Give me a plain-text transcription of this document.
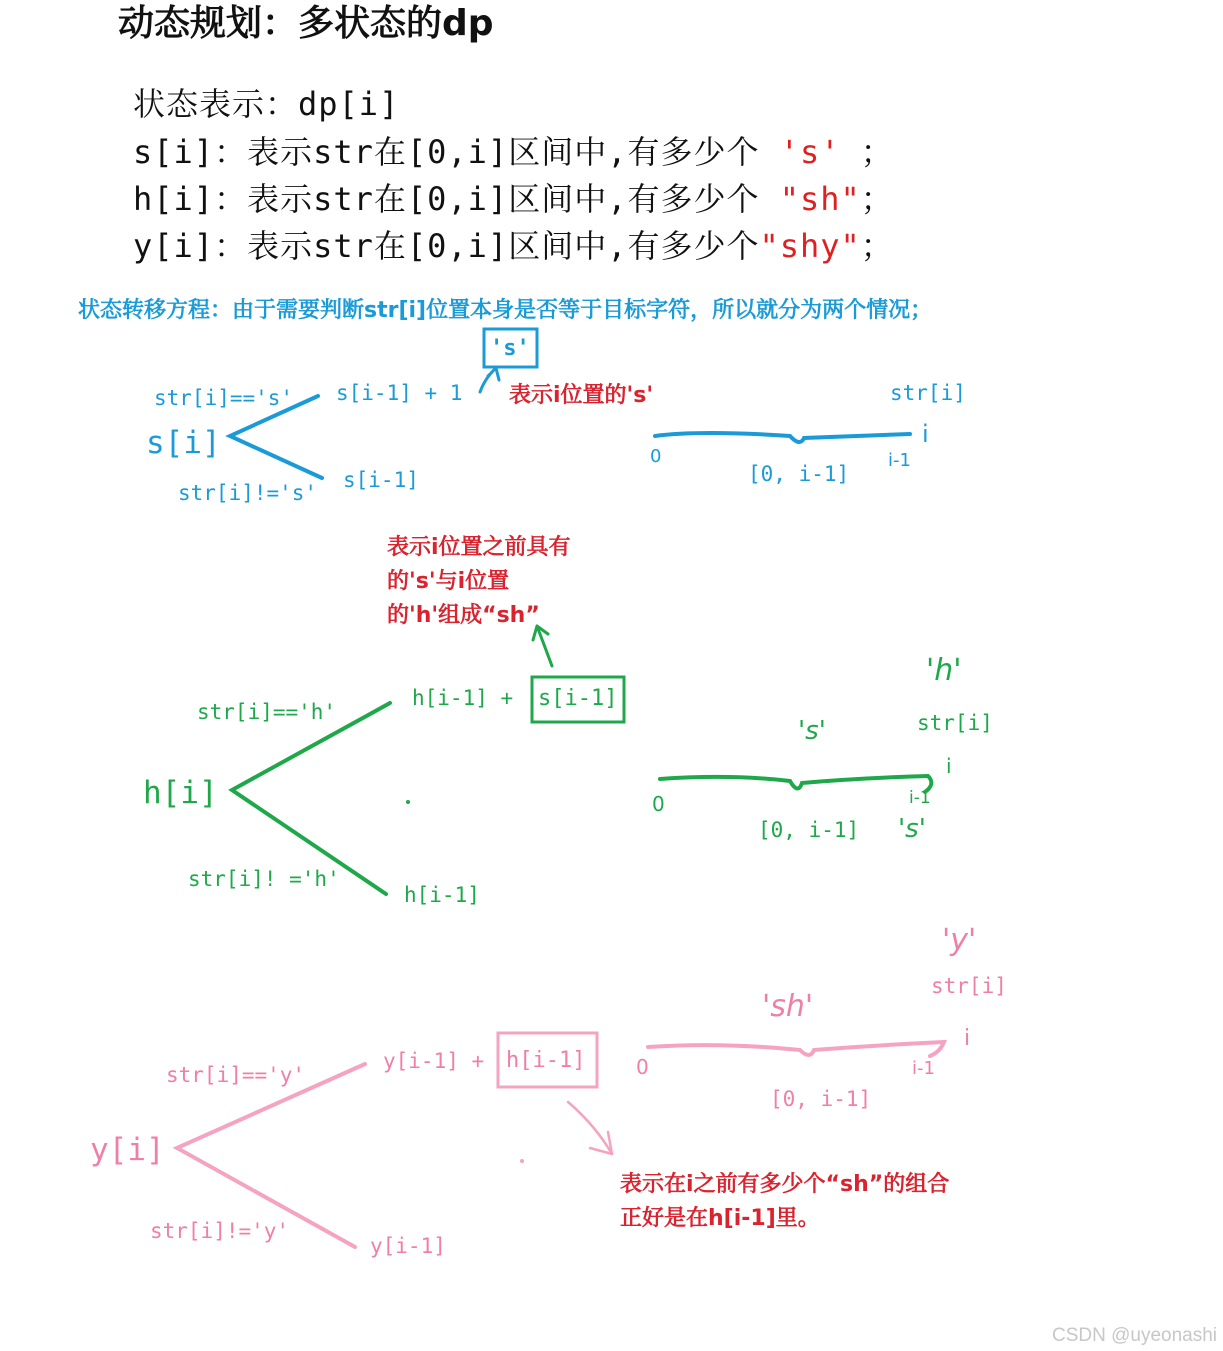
动态规划：多状态的dp
状态表示：dp[i]
s[i]：表示str在[0,i]区间中,有多少个 's' ；
h[i]：表示str在[0,i]区间中,有多少个 "sh"；
y[i]：表示str在[0,i]区间中,有多少个"shy"；
状态转移方程：由于需要判断str[i]位置本身是否等于目标字符，所以就分为两个情况；
str[i]=='s' s[i-1] + 1
s[i]
str[i]!='s'
s[i-1]
's'
表示i位置的's'	str[i]
i
0	i-1
[0, i-1]
表示i位置之前具有
的's'与i位置
的'h'组成“sh”
str[i]=='h'
h[i-1] + s[i-1]
h[i]
str[i]! ='h'
h[i-1]
'h'
str[i]
's'
i
0	i-1
's'
[0, i-1]
'y'
str[i]
'sh'
i
0	i-1
[0, i-1]
str[i]=='y'
y[i-1] + h[i-1]
y[i]
str[i]!='y'
y[i-1]
表示在i之前有多少个“sh”的组合
正好是在h[i-1]里。
CSDN @uyeonashi
